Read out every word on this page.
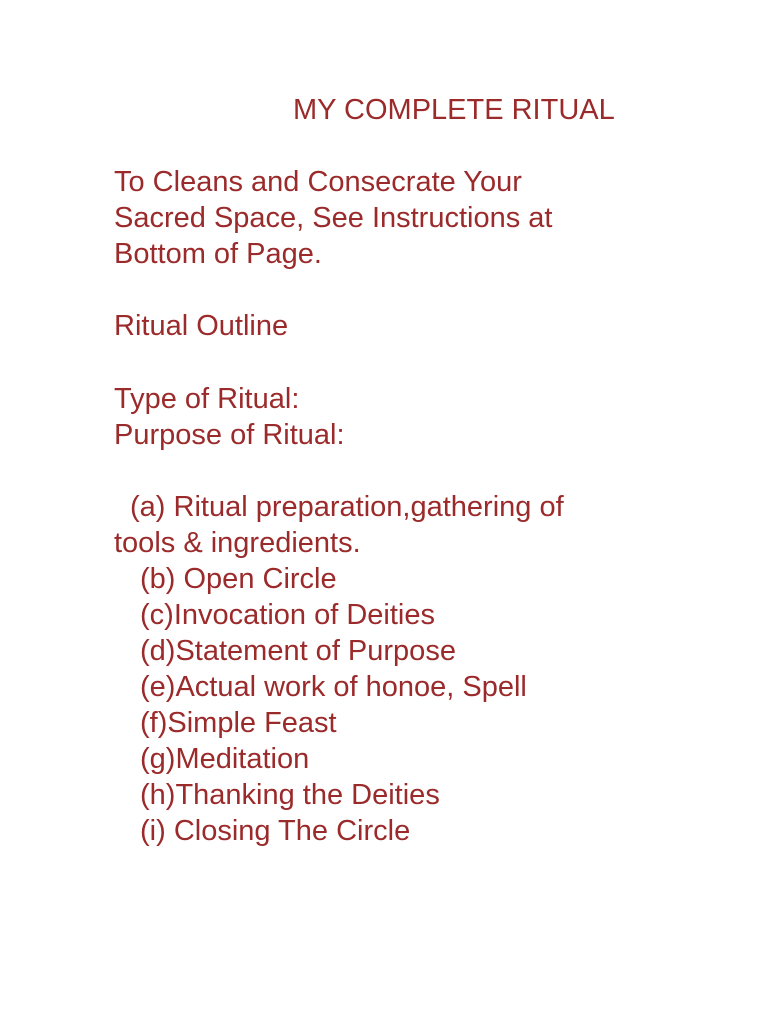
MY COMPLETE RITUAL
To Cleans and Consecrate Your
Sacred Space, See Instructions at
Bottom of Page.
Ritual Outline
Type of Ritual:
Purpose of Ritual:
(a) Ritual preparation,gathering of
tools & ingredients.
(b) Open Circle
(c)Invocation of Deities
(d)Statement of Purpose
(e)Actual work of honoe, Spell
(f)Simple Feast
(g)Meditation
(h)Thanking the Deities
(i) Closing The Circle
